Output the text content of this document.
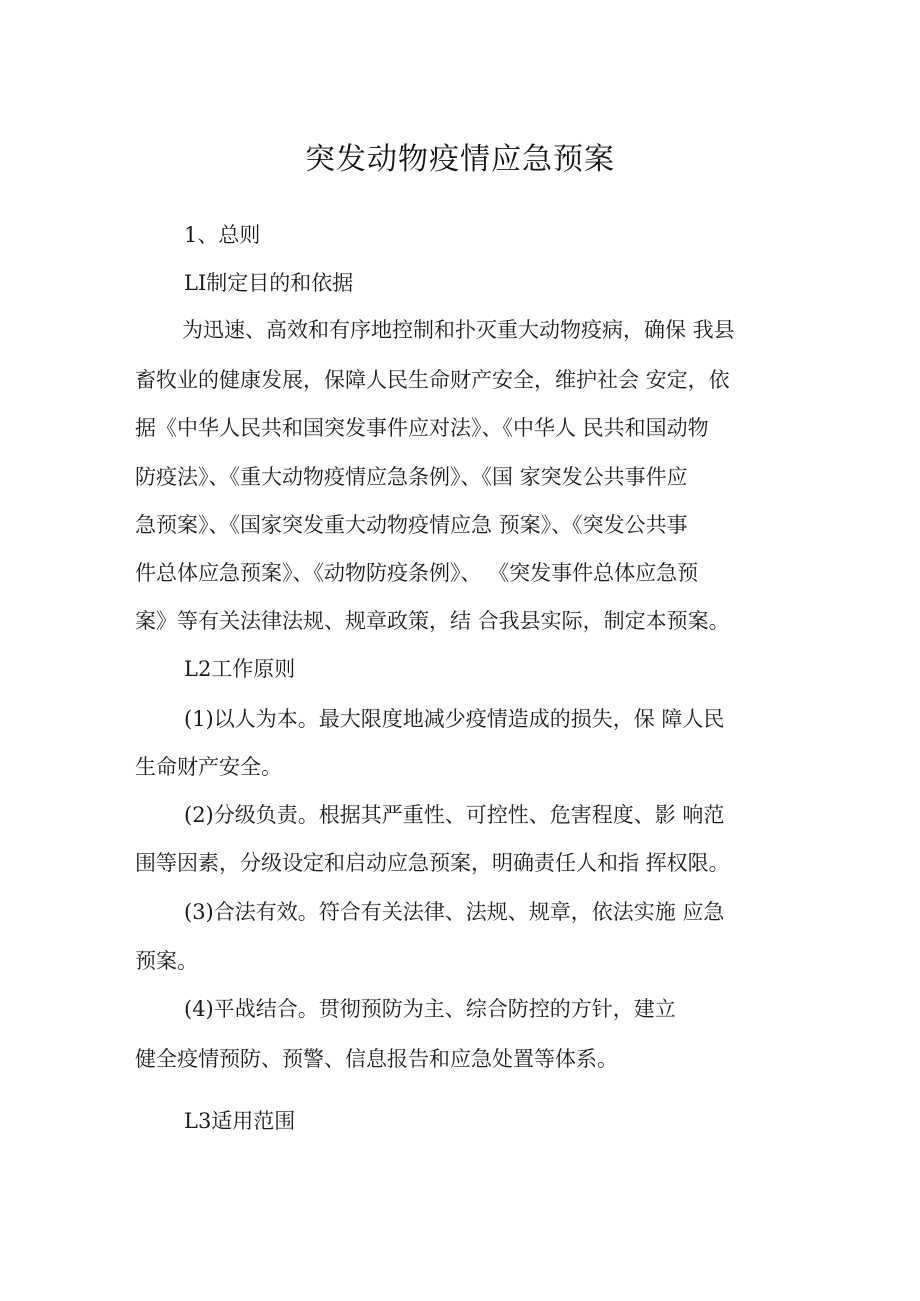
突发动物疫情应急预案
1、总则
LI制定目的和依据
为迅速、高效和有序地控制和扑灭重大动物疫病，确保 我县
畜牧业的健康发展，保障人民生命财产安全，维护社会 安定，依
据《中华人民共和国突发事件应对法》、《中华人 民共和国动物
防疫法》、《重大动物疫情应急条例》、《国 家突发公共事件应
急预案》、《国家突发重大动物疫情应急 预案》、《突发公共事
件总体应急预案》、《动物防疫条例》、 《突发事件总体应急预
案》等有关法律法规、规章政策，结 合我县实际，制定本预案。
L2工作原则
(1)以人为本。最大限度地减少疫情造成的损失，保 障人民
生命财产安全。
(2)分级负责。根据其严重性、可控性、危害程度、影 响范
围等因素，分级设定和启动应急预案，明确责任人和指 挥权限。
(3)合法有效。符合有关法律、法规、规章，依法实施 应急
预案。
(4)平战结合。贯彻预防为主、综合防控的方针，建立
健全疫情预防、预警、信息报告和应急处置等体系。
L3适用范围
